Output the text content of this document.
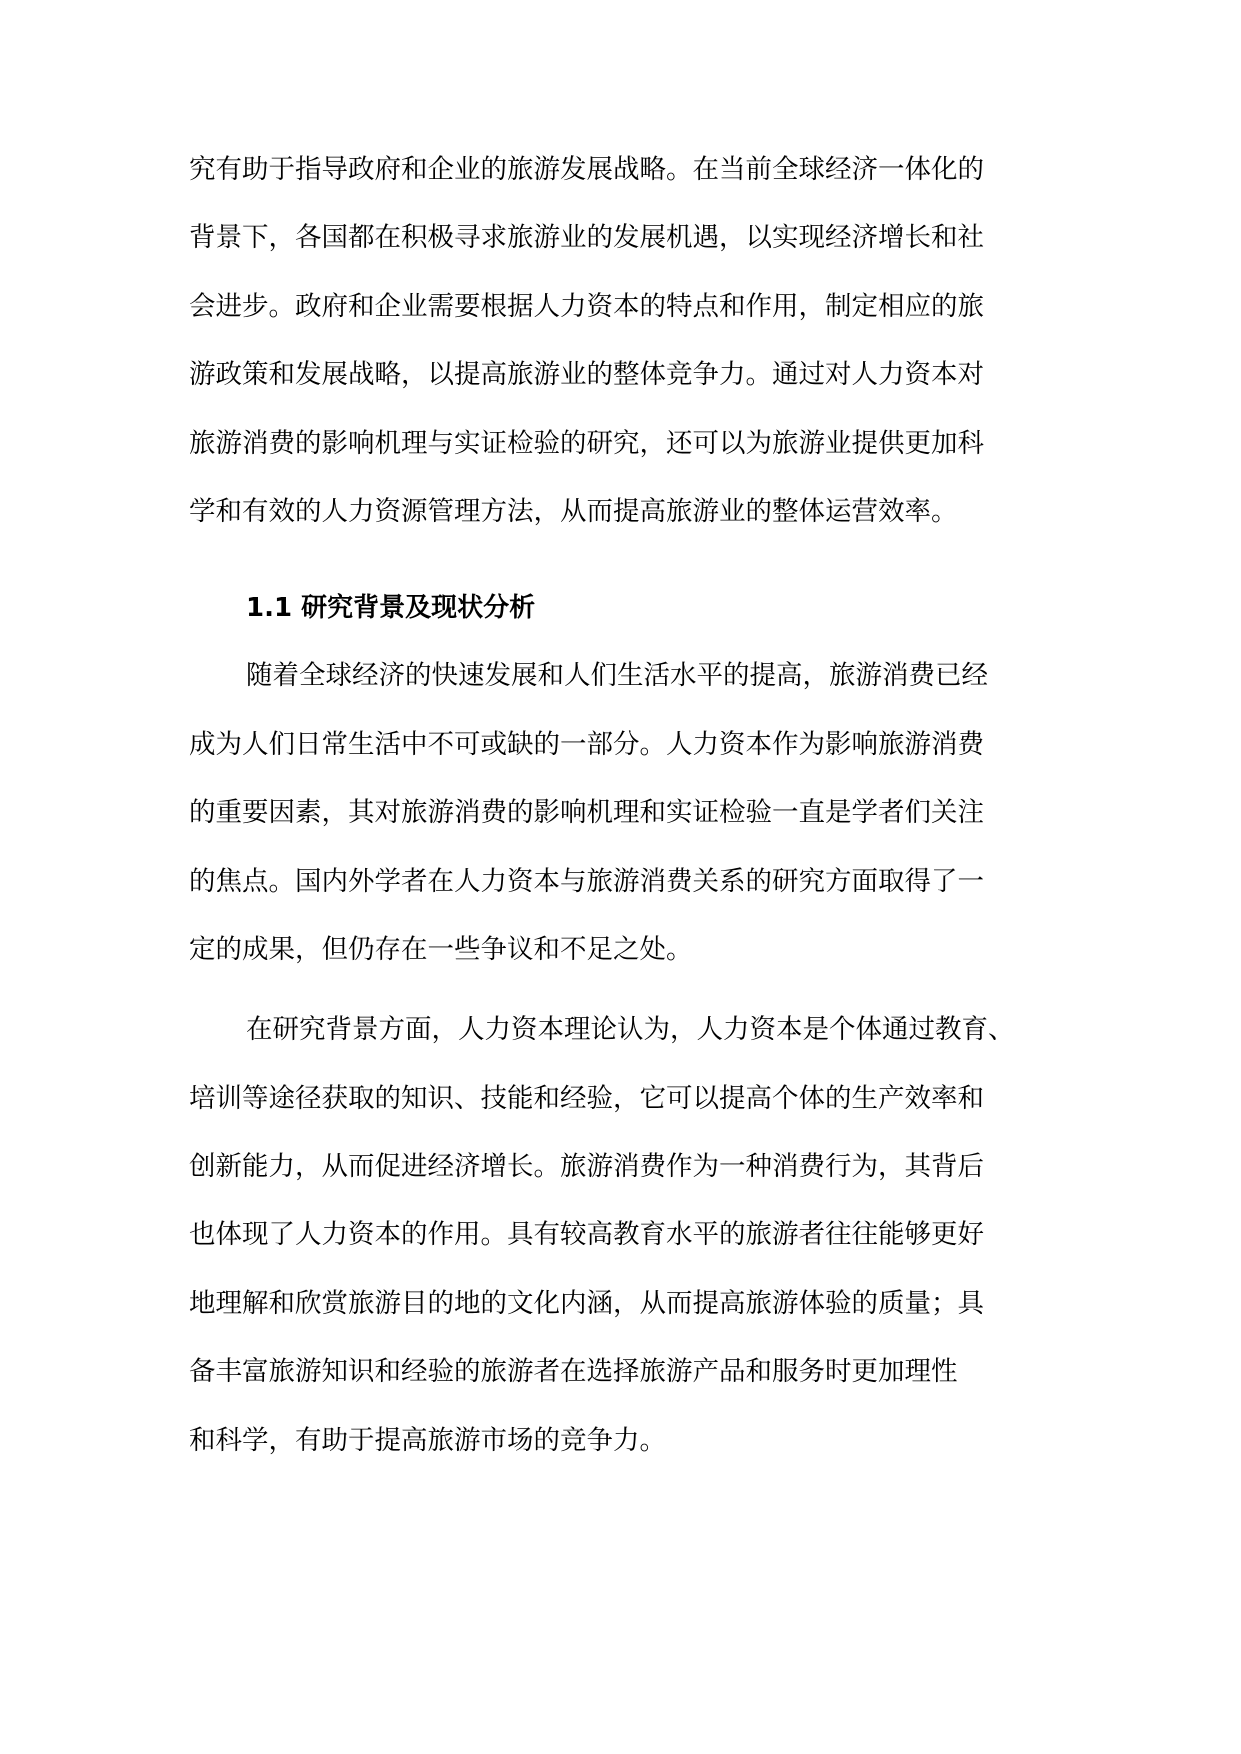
究有助于指导政府和企业的旅游发展战略。在当前全球经济一体化的
背景下，各国都在积极寻求旅游业的发展机遇，以实现经济增长和社
会进步。政府和企业需要根据人力资本的特点和作用，制定相应的旅
游政策和发展战略，以提高旅游业的整体竞争力。通过对人力资本对
旅游消费的影响机理与实证检验的研究，还可以为旅游业提供更加科
学和有效的人力资源管理方法，从而提高旅游业的整体运营效率。
1.1 研究背景及现状分析
随着全球经济的快速发展和人们生活水平的提高，旅游消费已经
成为人们日常生活中不可或缺的一部分。人力资本作为影响旅游消费
的重要因素，其对旅游消费的影响机理和实证检验一直是学者们关注
的焦点。国内外学者在人力资本与旅游消费关系的研究方面取得了一
定的成果，但仍存在一些争议和不足之处。
在研究背景方面，人力资本理论认为，人力资本是个体通过教育、
培训等途径获取的知识、技能和经验，它可以提高个体的生产效率和
创新能力，从而促进经济增长。旅游消费作为一种消费行为，其背后
也体现了人力资本的作用。具有较高教育水平的旅游者往往能够更好
地理解和欣赏旅游目的地的文化内涵，从而提高旅游体验的质量；具
备丰富旅游知识和经验的旅游者在选择旅游产品和服务时更加理性
和科学，有助于提高旅游市场的竞争力。
